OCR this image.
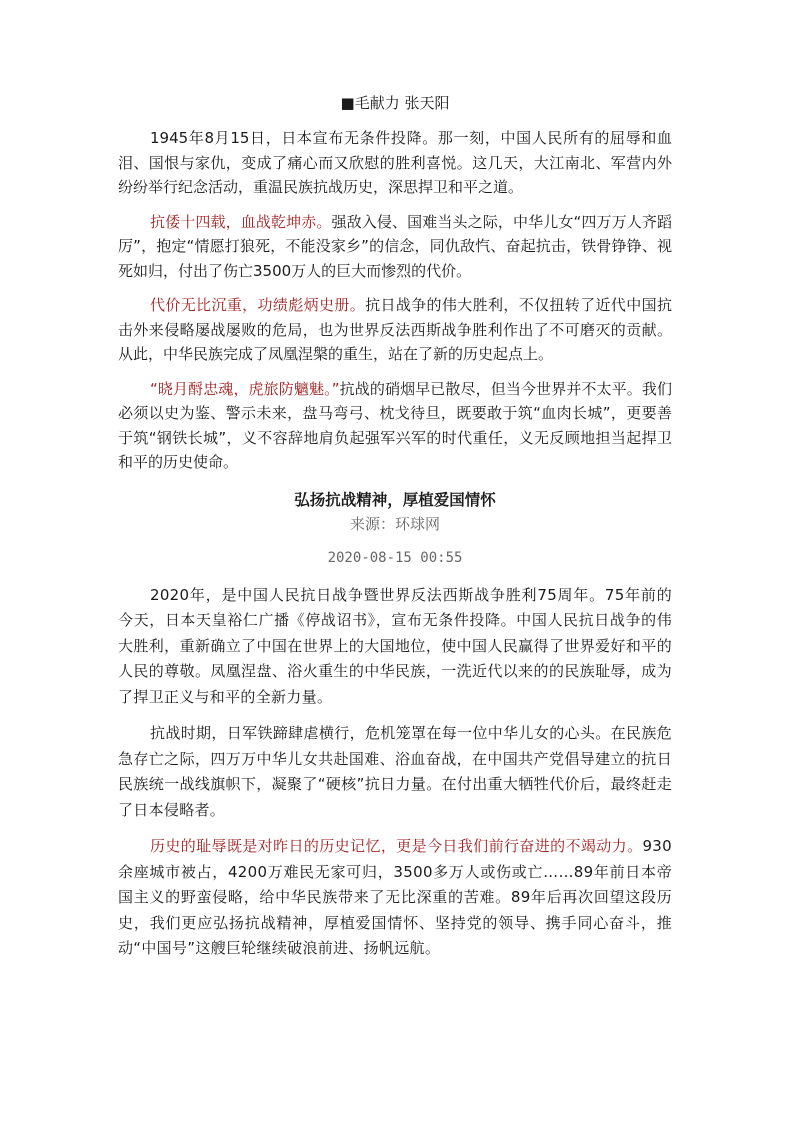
■毛献力 张天阳

1945年8月15日，日本宣布无条件投降。那一刻，中国人民所有的屈辱和血泪、国恨与家仇，变成了痛心而又欣慰的胜利喜悦。这几天，大江南北、军营内外纷纷举行纪念活动，重温民族抗战历史，深思捍卫和平之道。

抗倭十四载，血战乾坤赤。强敌入侵、国难当头之际，中华儿女“四万万人齐蹈厉”，抱定“情愿打狼死，不能没家乡”的信念，同仇敌忾、奋起抗击，铁骨铮铮、视死如归，付出了伤亡3500万人的巨大而惨烈的代价。

代价无比沉重，功绩彪炳史册。抗日战争的伟大胜利，不仅扭转了近代中国抗击外来侵略屡战屡败的危局，也为世界反法西斯战争胜利作出了不可磨灭的贡献。从此，中华民族完成了凤凰涅槃的重生，站在了新的历史起点上。

“晓月酹忠魂，虎旅防魑魅。”抗战的硝烟早已散尽，但当今世界并不太平。我们必须以史为鉴、警示未来，盘马弯弓、枕戈待旦，既要敢于筑“血肉长城”，更要善于筑“钢铁长城”，义不容辞地肩负起强军兴军的时代重任，义无反顾地担当起捍卫和平的历史使命。

弘扬抗战精神，厚植爱国情怀
来源：环球网
2020-08-15 00:55

2020年，是中国人民抗日战争暨世界反法西斯战争胜利75周年。75年前的今天，日本天皇裕仁广播《停战诏书》，宣布无条件投降。中国人民抗日战争的伟大胜利，重新确立了中国在世界上的大国地位，使中国人民赢得了世界爱好和平的人民的尊敬。凤凰涅盘、浴火重生的中华民族，一洗近代以来的的民族耻辱，成为了捍卫正义与和平的全新力量。

抗战时期，日军铁蹄肆虐横行，危机笼罩在每一位中华儿女的心头。在民族危急存亡之际，四万万中华儿女共赴国难、浴血奋战，在中国共产党倡导建立的抗日民族统一战线旗帜下，凝聚了“硬核”抗日力量。在付出重大牺牲代价后，最终赶走了日本侵略者。

历史的耻辱既是对昨日的历史记忆，更是今日我们前行奋进的不竭动力。930余座城市被占，4200万难民无家可归，3500多万人或伤或亡……89年前日本帝国主义的野蛮侵略，给中华民族带来了无比深重的苦难。89年后再次回望这段历史，我们更应弘扬抗战精神，厚植爱国情怀、坚持党的领导、携手同心奋斗，推动“中国号”这艘巨轮继续破浪前进、扬帆远航。
